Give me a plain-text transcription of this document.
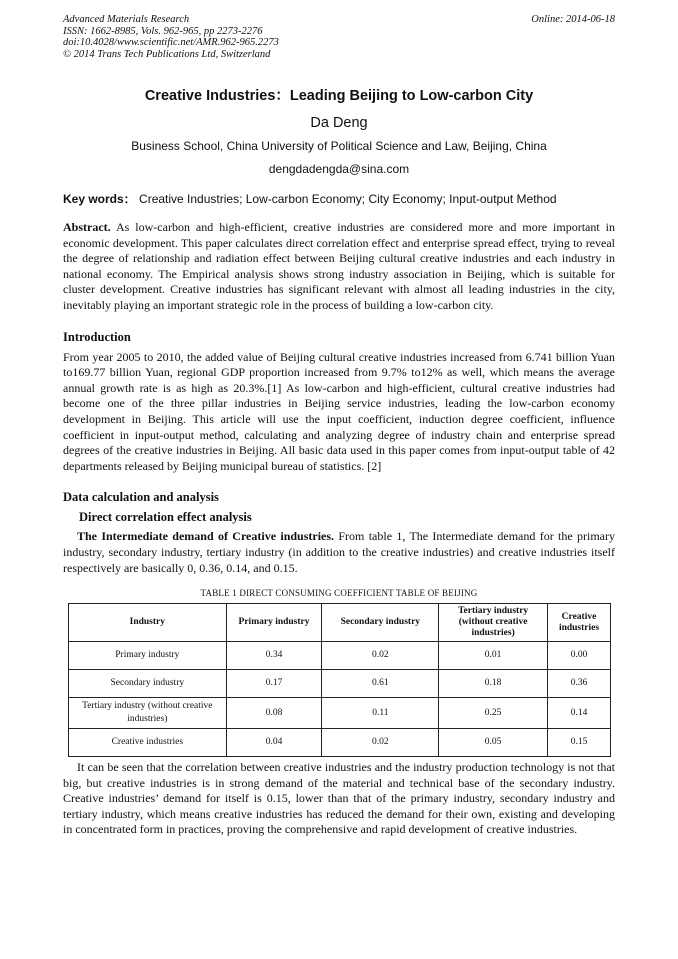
Advanced Materials Research
ISSN: 1662-8985, Vols. 962-965, pp 2273-2276
doi:10.4028/www.scientific.net/AMR.962-965.2273
© 2014 Trans Tech Publications Ltd, Switzerland
Online: 2014-06-18
Creative Industries：Leading Beijing to Low-carbon City
Da Deng
Business School, China University of Political Science and Law, Beijing, China
dengdadengda@sina.com
Key words： Creative Industries; Low-carbon Economy; City Economy; Input-output Method

Abstract. As low-carbon and high-efficient, creative industries are considered more and more important in economic development. This paper calculates direct correlation effect and enterprise spread effect, trying to reveal the degree of relationship and radiation effect between Beijing cultural creative industries and each industry in national economy. The Empirical analysis shows strong industry association in Beijing, which is suitable for cluster development. Creative industries has significant relevant with almost all leading industries in the city, inevitably playing an important strategic role in the process of building a low-carbon city.

Introduction

From year 2005 to 2010, the added value of Beijing cultural creative industries increased from 6.741 billion Yuan to169.77 billion Yuan, regional GDP proportion increased from 9.7% to12% as well, which means the average annual growth rate is as high as 20.3%.[1] As low-carbon and high-efficient, cultural creative industries had become one of the three pillar industries in Beijing service industries, leading the low-carbon economy development in Beijing. This article will use the input coefficient, induction degree coefficient, influence coefficient in input-output method, calculating and analyzing degree of industry chain and enterprise spread degrees of the creative industries in Beijing. All basic data used in this paper comes from input-output table of 42 departments released by Beijing municipal bureau of statistics. [2]

Data calculation and analysis
Direct correlation effect analysis

The Intermediate demand of Creative industries. From table 1, The Intermediate demand for the primary industry, secondary industry, tertiary industry (in addition to the creative industries) and creative industries itself respectively are basically 0, 0.36, 0.14, and 0.15.

TABLE 1 DIRECT CONSUMING COEFFICIENT TABLE OF BEIJING
Industry	Primary industry	Secondary industry	Tertiary industry (without creative industries)	Creative industries
Primary industry	0.34	0.02	0.01	0.00
Secondary industry	0.17	0.61	0.18	0.36
Tertiary industry (without creative industries)	0.08	0.11	0.25	0.14
Creative industries	0.04	0.02	0.05	0.15

It can be seen that the correlation between creative industries and the industry production technology is not that big, but creative industries is in strong demand of the material and technical base of the secondary industry. Creative industries’ demand for itself is 0.15, lower than that of the primary industry, secondary industry and tertiary industry, which means creative industries has reduced the demand for their own, existing and developing in concentrated form in practices, proving the comprehensive and rapid development of creative industries.
